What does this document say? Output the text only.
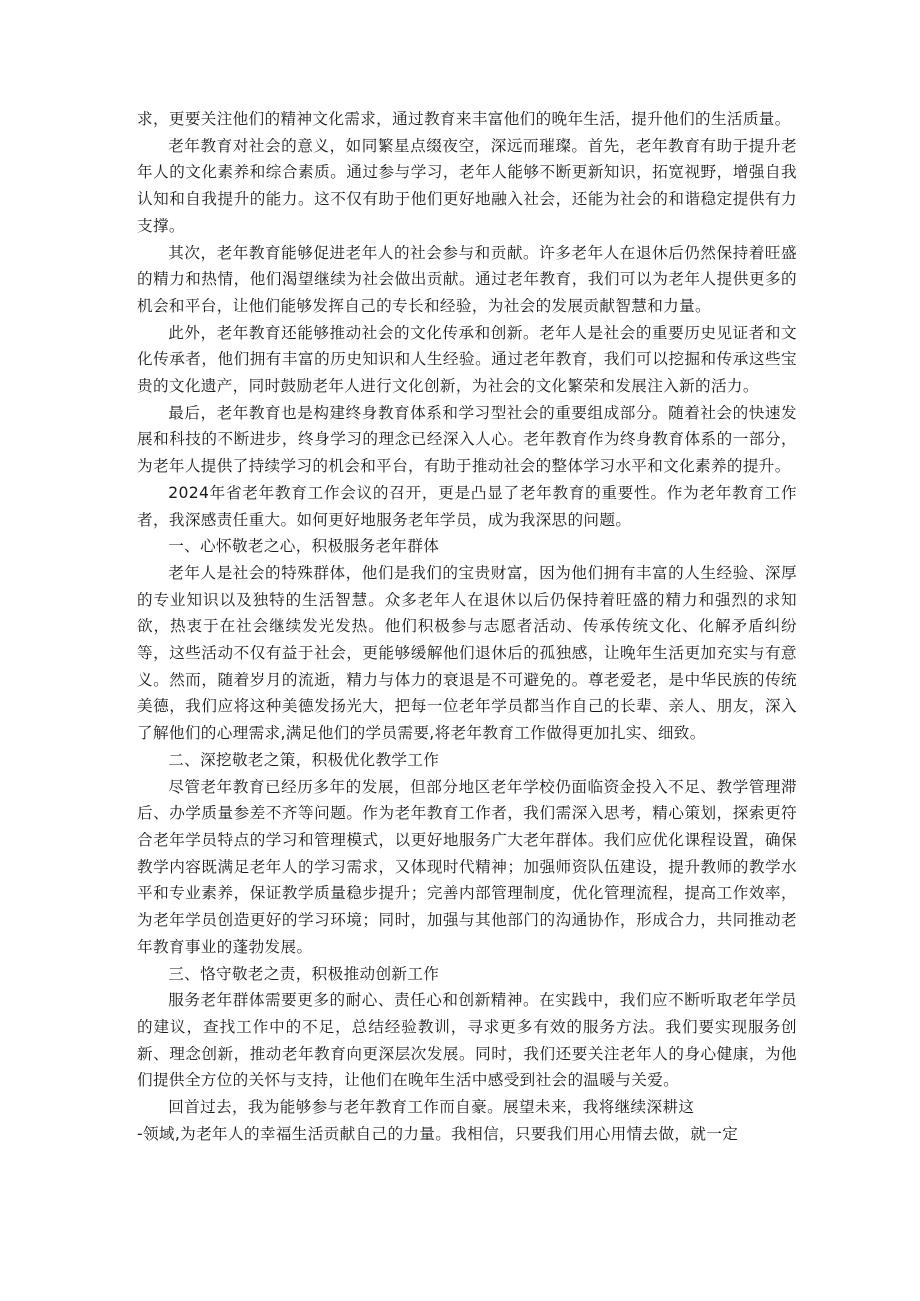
求，更要关注他们的精神文化需求，通过教育来丰富他们的晚年生活，提升他们的生活质量。

老年教育对社会的意义，如同繁星点缀夜空，深远而璀璨。首先，老年教育有助于提升老年人的文化素养和综合素质。通过参与学习，老年人能够不断更新知识，拓宽视野，增强自我认知和自我提升的能力。这不仅有助于他们更好地融入社会，还能为社会的和谐稳定提供有力支撑。

其次，老年教育能够促进老年人的社会参与和贡献。许多老年人在退休后仍然保持着旺盛的精力和热情，他们渴望继续为社会做出贡献。通过老年教育，我们可以为老年人提供更多的机会和平台，让他们能够发挥自己的专长和经验，为社会的发展贡献智慧和力量。

此外，老年教育还能够推动社会的文化传承和创新。老年人是社会的重要历史见证者和文化传承者，他们拥有丰富的历史知识和人生经验。通过老年教育，我们可以挖掘和传承这些宝贵的文化遗产，同时鼓励老年人进行文化创新，为社会的文化繁荣和发展注入新的活力。

最后，老年教育也是构建终身教育体系和学习型社会的重要组成部分。随着社会的快速发展和科技的不断进步，终身学习的理念已经深入人心。老年教育作为终身教育体系的一部分，为老年人提供了持续学习的机会和平台，有助于推动社会的整体学习水平和文化素养的提升。

2024年省老年教育工作会议的召开，更是凸显了老年教育的重要性。作为老年教育工作者，我深感责任重大。如何更好地服务老年学员，成为我深思的问题。

一、心怀敬老之心，积极服务老年群体

老年人是社会的特殊群体，他们是我们的宝贵财富，因为他们拥有丰富的人生经验、深厚的专业知识以及独特的生活智慧。众多老年人在退休以后仍保持着旺盛的精力和强烈的求知欲，热衷于在社会继续发光发热。他们积极参与志愿者活动、传承传统文化、化解矛盾纠纷等，这些活动不仅有益于社会，更能够缓解他们退休后的孤独感，让晚年生活更加充实与有意义。然而，随着岁月的流逝，精力与体力的衰退是不可避免的。尊老爱老，是中华民族的传统美德，我们应将这种美德发扬光大，把每一位老年学员都当作自己的长辈、亲人、朋友，深入了解他们的心理需求,满足他们的学员需要,将老年教育工作做得更加扎实、细致。

二、深挖敬老之策，积极优化教学工作

尽管老年教育已经历多年的发展，但部分地区老年学校仍面临资金投入不足、教学管理滞后、办学质量参差不齐等问题。作为老年教育工作者，我们需深入思考，精心策划，探索更符合老年学员特点的学习和管理模式，以更好地服务广大老年群体。我们应优化课程设置，确保教学内容既满足老年人的学习需求，又体现时代精神；加强师资队伍建设，提升教师的教学水平和专业素养，保证教学质量稳步提升；完善内部管理制度，优化管理流程，提高工作效率，为老年学员创造更好的学习环境；同时，加强与其他部门的沟通协作，形成合力，共同推动老年教育事业的蓬勃发展。

三、恪守敬老之责，积极推动创新工作

服务老年群体需要更多的耐心、责任心和创新精神。在实践中，我们应不断听取老年学员的建议，查找工作中的不足，总结经验教训，寻求更多有效的服务方法。我们要实现服务创新、理念创新，推动老年教育向更深层次发展。同时，我们还要关注老年人的身心健康，为他们提供全方位的关怀与支持，让他们在晚年生活中感受到社会的温暖与关爱。

回首过去，我为能够参与老年教育工作而自豪。展望未来，我将继续深耕这

-领域,为老年人的幸福生活贡献自己的力量。我相信，只要我们用心用情去做，就一定
